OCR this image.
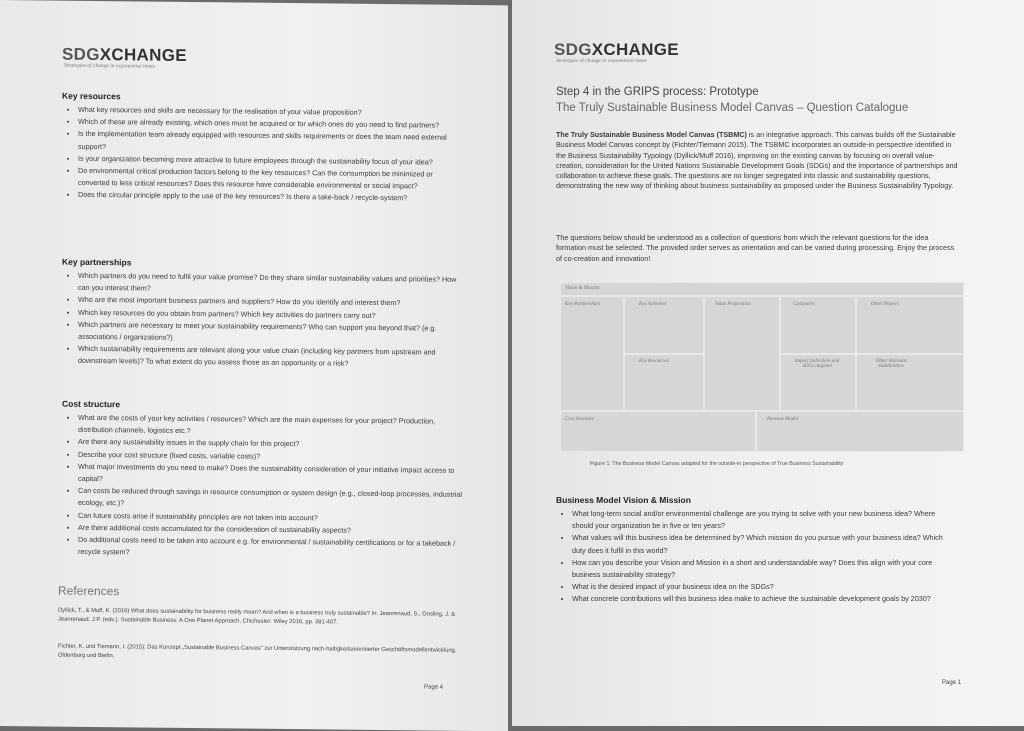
SDGXCHANGE
Strategies of change in exponential times
Key resources
• What key resources and skills are necessary for the realisation of your value proposition?
• Which of these are already existing, which ones must be acquired or for which ones do you need to find partners?
• Is the implementation team already equipped with resources and skills requirements or does the team need external support?
• Is your organization becoming more attractive to future employees through the sustainability focus of your idea?
• Do environmental critical production factors belong to the key resources? Can the consumption be minimized or converted to less critical resources? Does this resource have considerable environmental or social impact?
• Does the circular principle apply to the use of the key resources? Is there a take-back / recycle-system?
Key partnerships
• Which partners do you need to fulfil your value promise? Do they share similar sustainability values and priorities? How can you interest them?
• Who are the most important business partners and suppliers? How do you identify and interest them?
• Which key resources do you obtain from partners? Which key activities do partners carry out?
• Which partners are necessary to meet your sustainability requirements? Who can support you beyond that? (e.g. associations / organizations?)
• Which sustainability requirements are relevant along your value chain (including key partners from upstream and downstream levels)? To what extent do you assess those as an opportunity or a risk?
Cost structure
• What are the costs of your key activities / resources? Which are the main expenses for your project? Production, distribution channels, logistics etc.?
• Are there any sustainability issues in the supply chain for this project?
• Describe your cost structure (fixed costs, variable costs)?
• What major investments do you need to make? Does the sustainability consideration of your initiative impact access to capital?
• Can costs be reduced through savings in resource consumption or system design (e.g., closed-loop processes, industrial ecology, etc.)?
• Can future costs arise if sustainability principles are not taken into account?
• Are there additional costs accumulated for the consideration of sustainability aspects?
• Do additional costs need to be taken into account e.g. for environmental / sustainability certifications or for a takeback / recycle system?
References
Dyllick, T., & Muff, K. (2016) What does sustainability for business really mean? And when is a business truly sustainable? In: Jeanrenaud, S., Gosling, J. & Jeanrenaud, J.P. (eds.). Sustainable Business: A One Planet Approach, Chichester: Wiley 2016, pp. 381-407.
Fichter, K. und Tiemann, I. (2015): Das Konzept „Sustainable Business Canvas" zur Unterstützung nach-haltigkeitsorientierter Geschäftsmodellentwicklung, Oldenburg und Berlin.
Page 4
SDGXCHANGE
Strategies of change in exponential times
Step 4 in the GRIPS process: Prototype
The Truly Sustainable Business Model Canvas – Question Catalogue
The Truly Sustainable Business Model Canvas (TSBMC) is an integrative approach. This canvas builds off the Sustainable Business Model Canvas concept by (Fichter/Tiemann 2015). The TSBMC incorporates an outside-in perspective identified in the Business Sustainability Typology (Dyllick/Muff 2016), improving on the existing canvas by focusing on overall value-creation, consideration for the United Nations Sustainable Development Goals (SDGs) and the importance of partnerships and collaboration to achieve these goals. The questions are no longer segregated into classic and sustainability questions, demonstrating the new way of thinking about business sustainability as proposed under the Business Sustainability Typology.
The questions below should be understood as a collection of questions from which the relevant questions for the idea formation must be selected. The provided order serves as orientation and can be varied during processing. Enjoy the process of co-creation and innovation!
Vision & Mission
Key Partnerships	Key Activities
Key Resources
Value Proposition	Customers
Impact Indicators and SDGs targeted
Other Players
Other Relevant Stakeholders
Cost Structure	Revenue Model
Figure 1: The Business Model Canvas adapted for the outside-in perspective of True Business Sustainability
Business Model Vision & Mission
• What long-term social and/or environmental challenge are you trying to solve with your new business idea? Where should your organization be in five or ten years?
• What values will this business idea be determined by? Which mission do you pursue with your business idea? Which duty does it fulfil in this world?
• How can you describe your Vision and Mission in a short and understandable way? Does this align with your core business sustainability strategy?
• What is the desired impact of your business idea on the SDGs?
• What concrete contributions will this business idea make to achieve the sustainable development goals by 2030?
Page 1
